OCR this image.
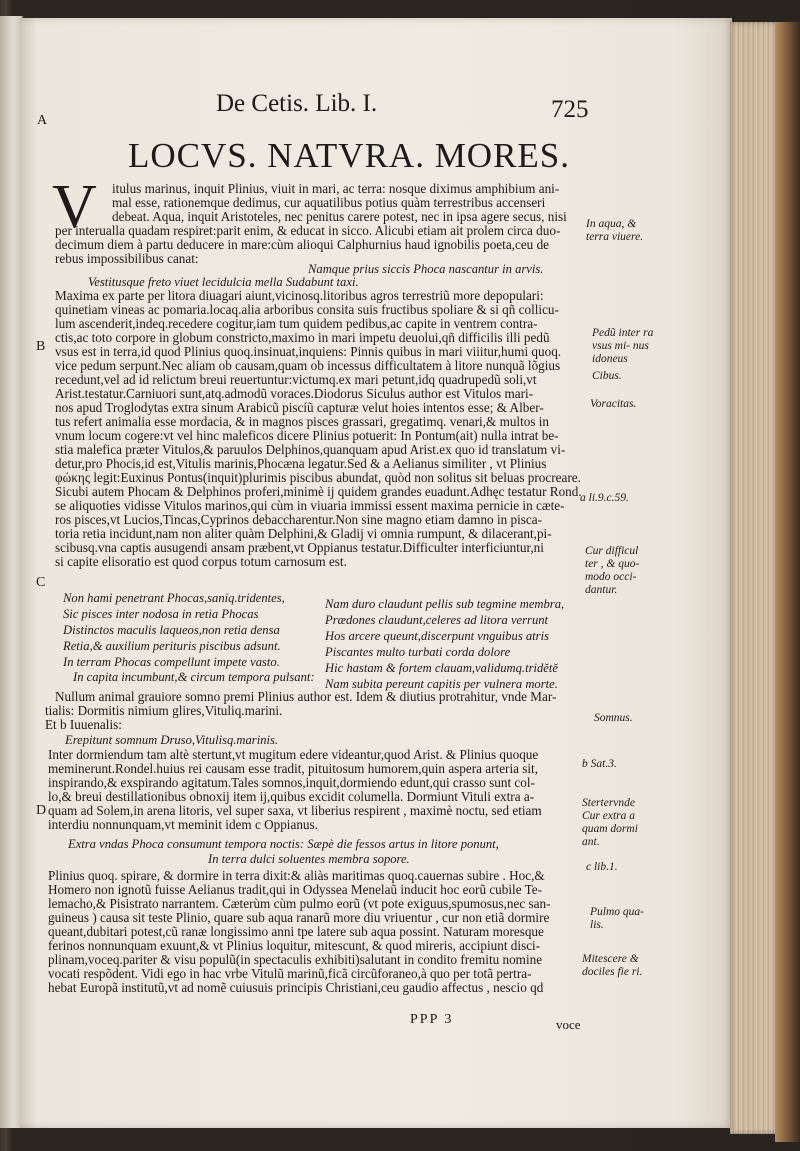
De Cetis. Lib. I.	725
A
LOCVS. NATVRA. MORES.
V
B
C
D
itulus marinus, inquit Plinius, viuit in mari, ac terra: nosque diximus amphibium ani-
mal esse, rationemque dedimus, cur aquatilibus potius quàm terrestribus accenseri
debeat. Aqua, inquit Aristoteles, nec penitus carere potest, nec in ipsa agere secus, nisi
per interualla quadam respiret:parit enim, & educat in sicco. Alicubi etiam ait prolem circa duo-
decimum diem à partu deducere in mare:cùm alioqui Calphurnius haud ignobilis poeta,ceu de
rebus impossibilibus canat:
Namque prius siccis Phoca nascantur in arvis.
Vestitusque freto viuet lecidulcia mella Sudabunt taxi.
Maxima ex parte per litora diuagari aiunt,vicinosq.litoribus agros terrestriũ more depopulari:
quinetiam vineas ac pomaria.locaq.alia arboribus consita suis fructibus spoliare & si qñ collicu-
lum ascenderit,indeq.recedere cogitur,iam tum quidem pedibus,ac capite in ventrem contra-
ctis,ac toto corpore in globum constricto,maximo in mari impetu deuolui,qñ difficilis illi pedũ
vsus est in terra,id quod Plinius quoq.insinuat,inquiens: Pinnis quibus in mari viiitur,humi quoq.
vice pedum serpunt.Nec aliam ob causam,quam ob incessus difficultatem à litore nunquã lõgius
recedunt,vel ad id relictum breui reuertuntur:victumq.ex mari petunt,idq quadrupedũ soli,vt
Arist.testatur.Carniuori sunt,atq.admodũ voraces.Diodorus Siculus author est Vitulos mari-
nos apud Troglodytas extra sinum Arabicũ piscíũ capturæ velut hoies intentos esse; & Alber-
tus refert animalia esse mordacia, & in magnos pisces grassari, gregatimq. venari,& multos in
vnum locum cogere:vt vel hinc maleficos dicere Plinius potuerit: In Pontum(ait) nulla intrat be-
stia malefica præter Vitulos,& paruulos Delphinos,quanquam apud Arist.ex quo id translatum vi-
detur,pro Phocis,id est,Vitulis marinis,Phocæna legatur.Sed & a Aelianus similiter , vt Plinius
φώκης legit:Euxinus Pontus(inquit)plurimis piscibus abundat, quòd non solitus sit beluas procreare.
Sicubi autem Phocam & Delphinos proferi,minimè ij quidem grandes euadunt.Adhęc testatur Rond.
se aliquoties vidisse Vitulos marinos,qui cùm in viuaria immissi essent maxima pernicie in cæte-
ros pisces,vt Lucios,Tincas,Cyprinos debaccharentur.Non sine magno etiam damno in pisca-
toria retia incidunt,nam non aliter quàm Delphini,& Gladij vi omnia rumpunt, & dilacerant,pi-
scibusq.vna captis ausugendi ansam præbent,vt Oppianus testatur.Difficulter interficiuntur,ni
si capite elisoratio est quod corpus totum carnosum est.
Non hami penetrant Phocas,saniq.tridentes,
Sic pisces inter nodosa in retia Phocas
Distinctos maculis laqueos,non retia densa
Retia,& auxilium perituris piscibus adsunt.
In terram Phocas compellunt impete vasto.
In capita incumbunt,& circum tempora pulsant:
Nam duro claudunt pellis sub tegmine membra,
Prædones claudunt,celeres ad litora verrunt
Hos arcere queunt,discerpunt vnguibus atris
Piscantes multo turbati corda dolore
Hic hastam & fortem clauam,validumq.tridĕtĕ
Nam subita pereunt capitis per vulnera morte.
Nullum animal grauiore somno premi Plinius author est. Idem & diutius protrahitur, vnde Mar-
tialis: Dormitis nimium glires,Vituliq.marini.
Et b Iuuenalis:
Erepitunt somnum Druso,Vitulisq.marinis.
Inter dormiendum tam altè stertunt,vt mugitum edere videantur,quod Arist. & Plinius quoque
meminerunt.Rondel.huius rei causam esse tradit, pituitosum humorem,quin aspera arteria sit,
inspirando,& exspirando agitatum.Tales somnos,inquit,dormiendo edunt,qui crasso sunt col-
lo,& breui destillationibus obnoxij item ij,quibus excidit columella. Dormiunt Vituli extra a-
quam ad Solem,in arena litoris, vel super saxa, vt liberius respirent , maximè noctu, sed etiam
interdiu nonnunquam,vt meminit idem c Oppianus.
Extra vndas Phoca consumunt tempora noctis: Sæpè die fessos artus in litore ponunt,
In terra dulci soluentes membra sopore.
Plinius quoq. spirare, & dormire in terra dixit:& aliàs maritimas quoq.cauernas subire . Hoc,&
Homero non ignotũ fuisse Aelianus tradit,qui in Odyssea Menelaũ inducit hoc eorũ cubile Te-
lemacho,& Pisistrato narrantem. Cæterùm cùm pulmo eorũ (vt pote exiguus,spumosus,nec san-
guineus ) causa sit teste Plinio, quare sub aqua ranarũ more diu vriuentur , cur non etiã dormire
queant,dubitari potest,cũ ranæ longissimo anni tpe latere sub aqua possint. Naturam moresque
ferinos nonnunquam exuunt,& vt Plinius loquitur, mitescunt, & quod mireris, accipiunt disci-
plinam,voceq.pariter & visu populũ(in spectaculis exhibiti)salutant in condito fremitu nomine
vocati respõdent. Vidi ego in hac vrbe Vitulũ marinũ,ficã circũforaneo,à quo per totã pertra-
hebat Europã institutũ,vt ad nomẽ cuiusuis principis Christiani,ceu gaudio affectus , nescio qd
PPP 3	voce
In aqua, & terra viuere.
Pedũ inter ra vsus mi- nus idoneus
Cibus.
Voracitas.
a li.9.c.59.
Cur difficul ter , & quo- modo occi- dantur.
Somnus.
b Sat.3.
Stertervnde Cur extra a quam dormi ant.
c lib.1.
Pulmo qua- lis.
Mitescere & dociles fie ri.
